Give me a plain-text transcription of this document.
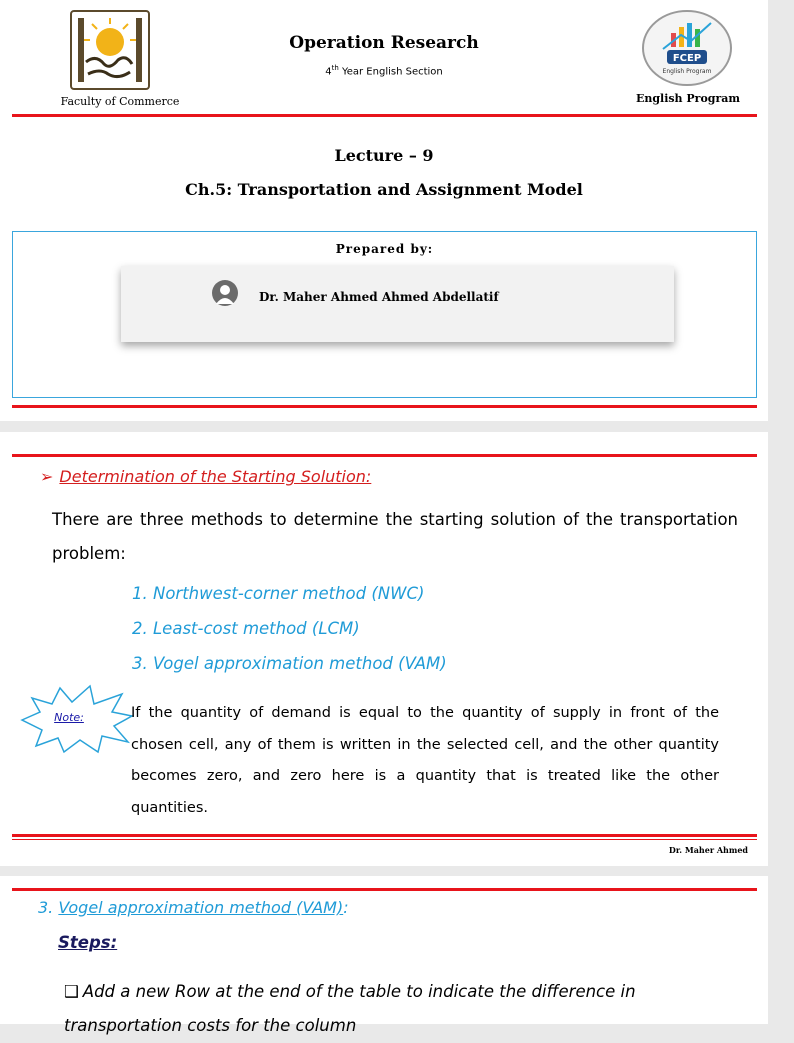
Faculty of Commerce
Operation Research
4th Year English Section
FCEP
English Program
English Program
Lecture – 9
Ch.5: Transportation and Assignment Model
Prepared by:
Dr. Maher Ahmed Ahmed Abdellatif
➢ Determination of the Starting Solution:
There are three methods to determine the starting solution of the transportation problem:
1. Northwest-corner method (NWC)
2. Least-cost method (LCM)
3. Vogel approximation method (VAM)
Note:	If the quantity of demand is equal to the quantity of supply in front of the chosen cell, any of them is written in the selected cell, and the other quantity becomes zero, and zero here is a quantity that is treated like the other quantities.
Dr. Maher Ahmed
3. Vogel approximation method (VAM):
Steps:
❑ Add a new Row at the end of the table to indicate the difference in transportation costs for the column
